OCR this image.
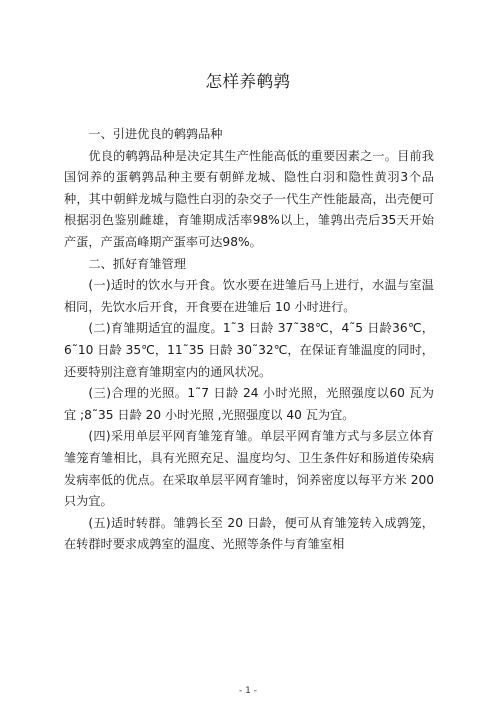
怎样养鹌鹑

一、引进优良的鹌鹑品种

优良的鹌鹑品种是决定其生产性能高低的重要因素之一。目前我国饲养的蛋鹌鹑品种主要有朝鲜龙城、隐性白羽和隐性黄羽3个品种，其中朝鲜龙城与隐性白羽的杂交子一代生产性能最高，出壳便可根据羽色鉴别雌雄，育雏期成活率98%以上，雏鹑出壳后35天开始产蛋，产蛋高峰期产蛋率可达98%。

二、抓好育雏管理

(一)适时的饮水与开食。饮水要在进雏后马上进行，水温与室温相同，先饮水后开食，开食要在进雏后 10 小时进行。

(二)育雏期适宜的温度。1˜3 日龄 37˜38℃，4˜5 日龄36℃，6˜10 日龄 35℃，11˜35 日龄 30˜32℃，在保证育雏温度的同时，还要特别注意育雏期室内的通风状况。

(三)合理的光照。1˜7 日龄 24 小时光照，光照强度以60 瓦为宜 ;8˜35 日龄 20 小时光照 ,光照强度以 40 瓦为宜。

(四)采用单层平网育雏笼育雏。单层平网育雏方式与多层立体育雏笼育雏相比，具有光照充足、温度均匀、卫生条件好和肠道传染病发病率低的优点。在采取单层平网育雏时，饲养密度以每平方米 200 只为宜。

(五)适时转群。雏鹑长至 20 日龄，便可从育雏笼转入成鹑笼，在转群时要求成鹑室的温度、光照等条件与育雏室相

- 1 -
